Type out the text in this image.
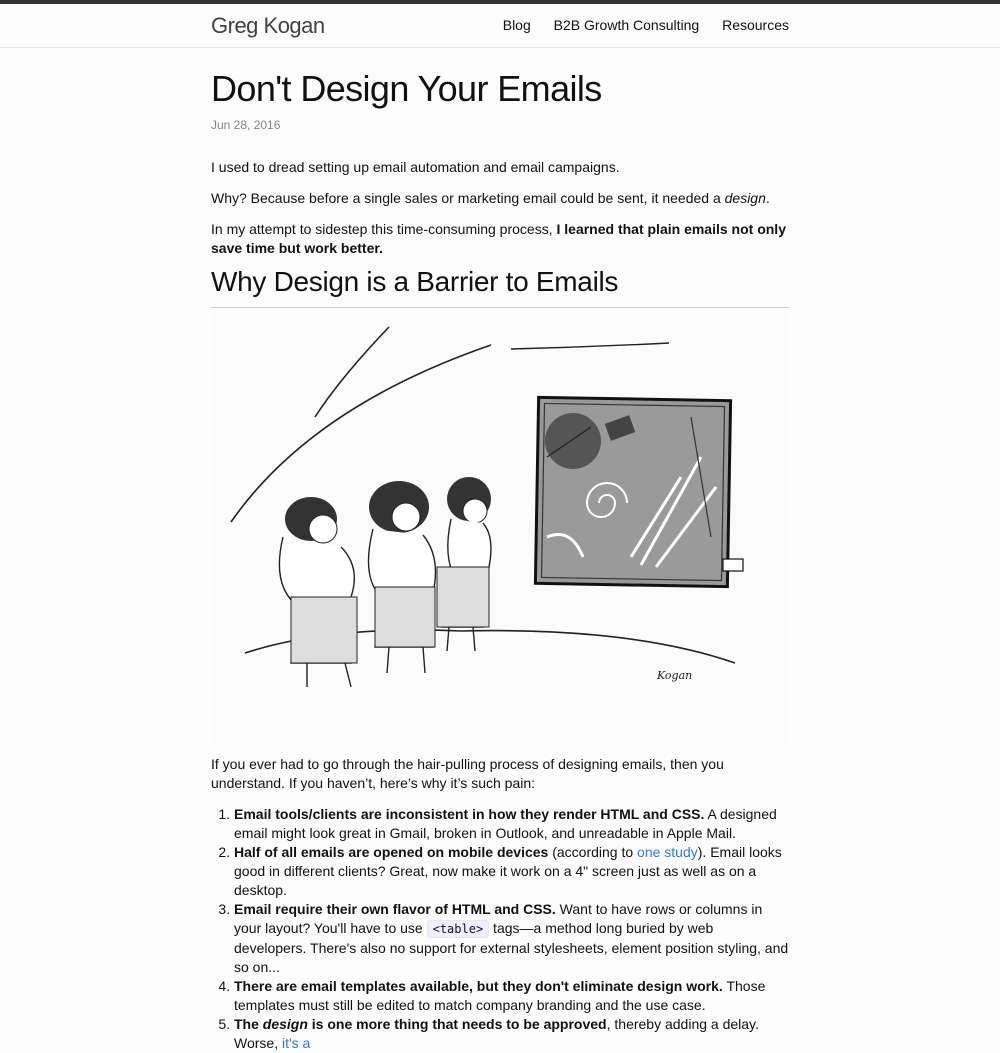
Greg Kogan	Blog B2B Growth Consulting Resources
Don't Design Your Emails
Jun 28, 2016

I used to dread setting up email automation and email campaigns.

Why? Because before a single sales or marketing email could be sent, it needed a design.

In my attempt to sidestep this time-consuming process, I learned that plain emails not only save time but work better.

Why Design is a Barrier to Emails
Kogan

If you ever had to go through the hair-pulling process of designing emails, then you understand. If you haven’t, here’s why it’s such pain:

1. Email tools/clients are inconsistent in how they render HTML and CSS. A designed email might look great in Gmail, broken in Outlook, and unreadable in Apple Mail.
2. Half of all emails are opened on mobile devices (according to one study). Email looks good in different clients? Great, now make it work on a 4" screen just as well as on a desktop.
3. Email require their own flavor of HTML and CSS. Want to have rows or columns in your layout? You'll have to use <table> tags—a method long buried by web developers. There's also no support for external stylesheets, element position styling, and so on...
4. There are email templates available, but they don't eliminate design work. Those templates must still be edited to match company branding and the use case.
5. The design is one more thing that needs to be approved, thereby adding a delay. Worse, it's a
